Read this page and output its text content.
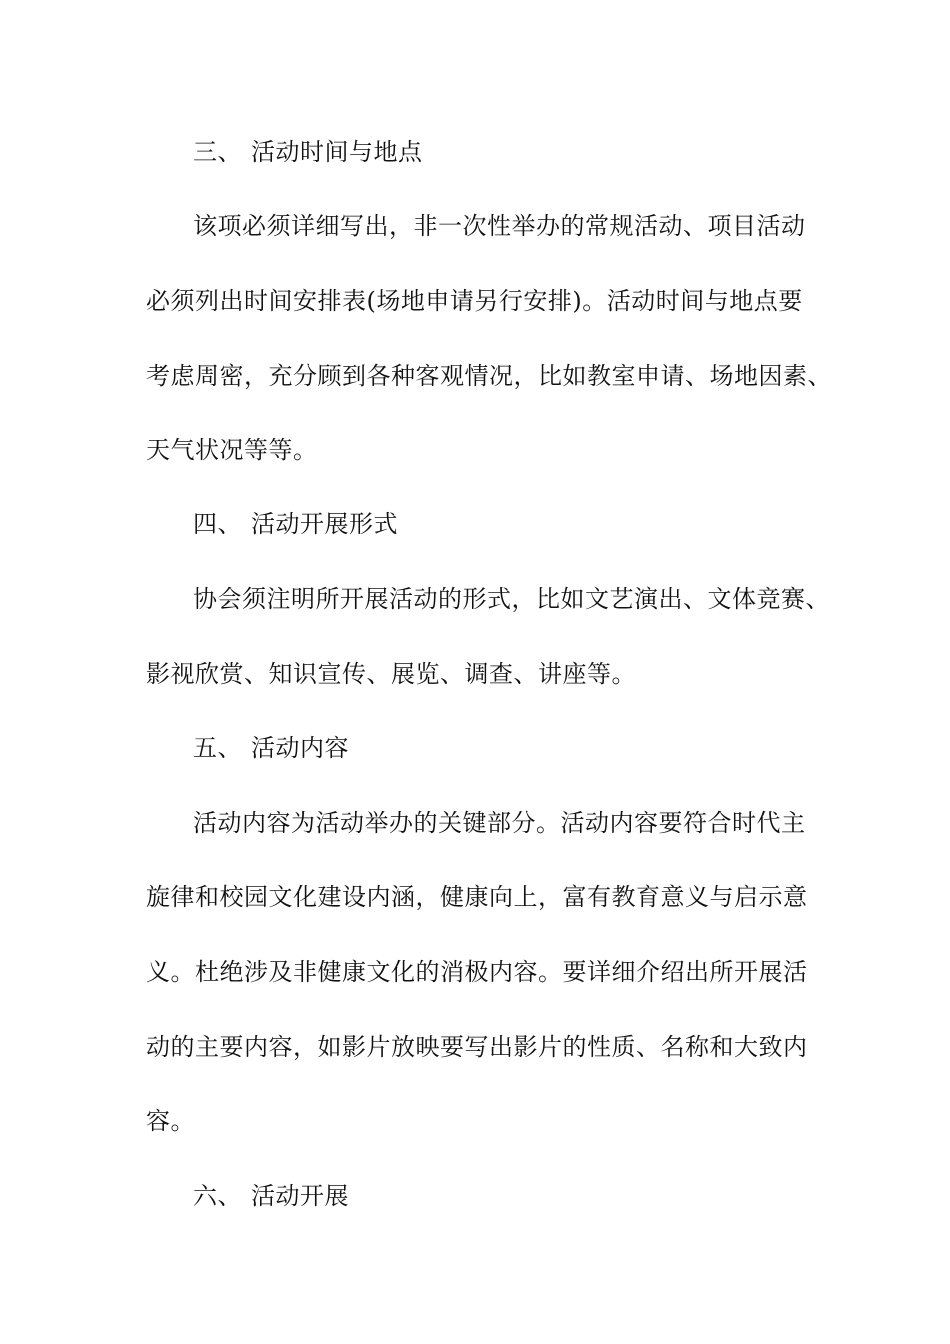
三、 活动时间与地点
该项必须详细写出，非一次性举办的常规活动、项目活动
必须列出时间安排表(场地申请另行安排)。活动时间与地点要
考虑周密，充分顾到各种客观情况，比如教室申请、场地因素、
天气状况等等。
四、 活动开展形式
协会须注明所开展活动的形式，比如文艺演出、文体竞赛、
影视欣赏、知识宣传、展览、调查、讲座等。
五、 活动内容
活动内容为活动举办的关键部分。活动内容要符合时代主
旋律和校园文化建设内涵，健康向上，富有教育意义与启示意
义。杜绝涉及非健康文化的消极内容。要详细介绍出所开展活
动的主要内容，如影片放映要写出影片的性质、名称和大致内
容。
六、 活动开展
